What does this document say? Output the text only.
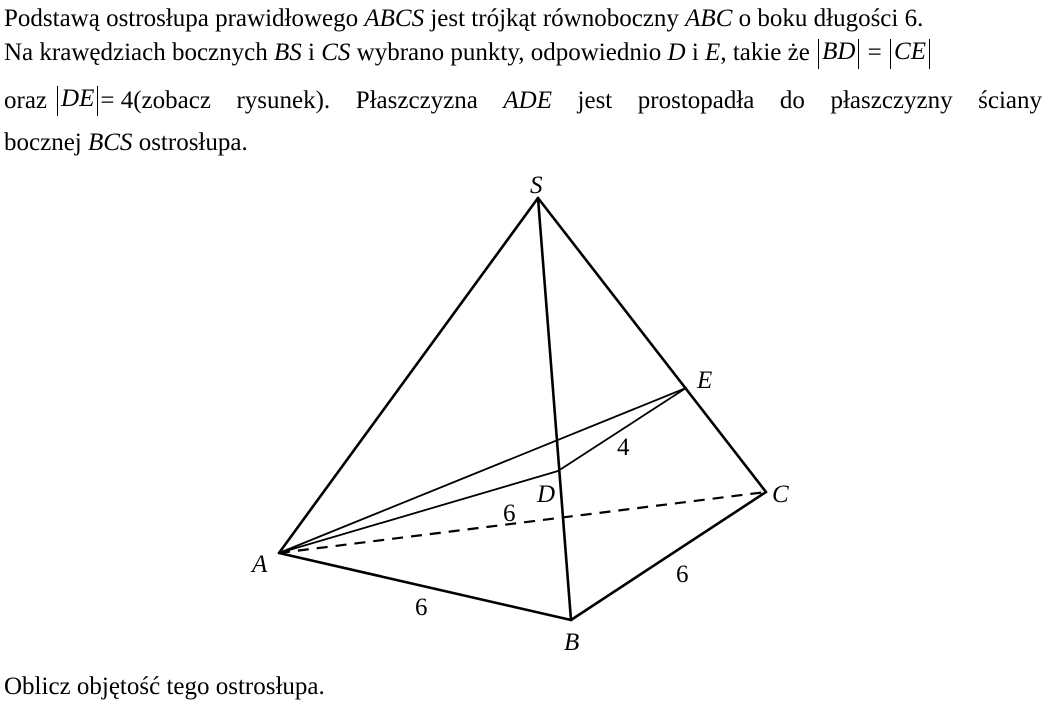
Podstawą ostrosłupa prawidłowego ABCS jest trójkąt równoboczny ABC o boku długości 6.
Na krawędziach bocznych BS i CS wybrano punkty, odpowiednio D i E, takie że BD = CE
oraz DE = 4 (zobacz rysunek). Płaszczyzna ADE jest prostopadła do płaszczyzny ściany
bocznej BCS ostrosłupa.
S
E
C
D
A
B
4
6
6
6
Oblicz objętość tego ostrosłupa.
